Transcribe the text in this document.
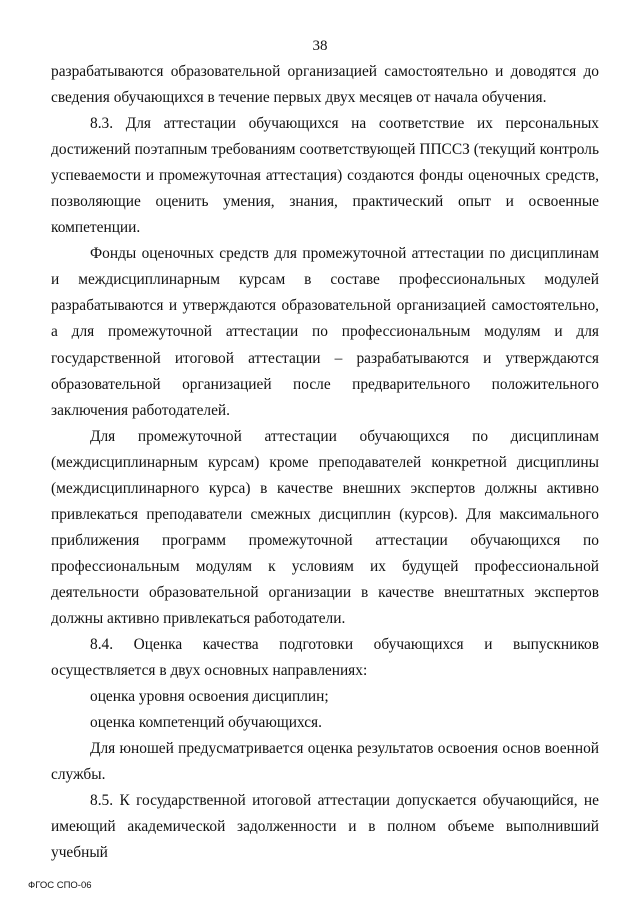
38

разрабатываются образовательной организацией самостоятельно и доводятся до сведения обучающихся в течение первых двух месяцев от начала обучения.

8.3. Для аттестации обучающихся на соответствие их персональных достижений поэтапным требованиям соответствующей ППССЗ (текущий контроль успеваемости и промежуточная аттестация) создаются фонды оценочных средств, позволяющие оценить умения, знания, практический опыт и освоенные компетенции.

Фонды оценочных средств для промежуточной аттестации по дисциплинам и междисциплинарным курсам в составе профессиональных модулей разрабатываются и утверждаются образовательной организацией самостоятельно, а для промежуточной аттестации по профессиональным модулям и для государственной итоговой аттестации – разрабатываются и утверждаются образовательной организацией после предварительного положительного заключения работодателей.

Для промежуточной аттестации обучающихся по дисциплинам (междисциплинарным курсам) кроме преподавателей конкретной дисциплины (междисциплинарного курса) в качестве внешних экспертов должны активно привлекаться преподаватели смежных дисциплин (курсов). Для максимального приближения программ промежуточной аттестации обучающихся по профессиональным модулям к условиям их будущей профессиональной деятельности образовательной организации в качестве внештатных экспертов должны активно привлекаться работодатели.

8.4. Оценка качества подготовки обучающихся и выпускников осуществляется в двух основных направлениях:

оценка уровня освоения дисциплин;

оценка компетенций обучающихся.

Для юношей предусматривается оценка результатов освоения основ военной службы.

8.5. К государственной итоговой аттестации допускается обучающийся, не имеющий академической задолженности и в полном объеме выполнивший учебный

ФГОС СПО-06
